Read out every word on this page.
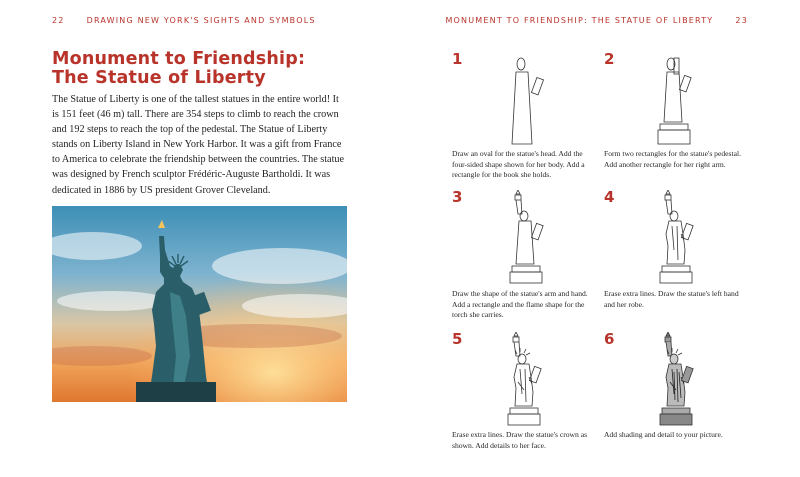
22	DRAWING NEW YORK'S SIGHTS AND SYMBOLS	MONUMENT TO FRIENDSHIP: THE STATUE OF LIBERTY	23
Monument to Friendship:
The Statue of Liberty

The Statue of Liberty is one of the tallest statues in the entire world! It is 151 feet (46 m) tall. There are 354 steps to climb to reach the crown and 192 steps to reach the top of the pedestal. The Statue of Liberty stands on Liberty Island in New York Harbor. It was a gift from France to America to celebrate the friendship between the countries. The statue was designed by French sculptor Frédéric-Auguste Bartholdi. It was dedicated in 1886 by US president Grover Cleveland.

1

Draw an oval for the statue's head. Add the four-sided shape shown for her body. Add a rectangle for the book she holds.

2

Form two rectangles for the statue's pedestal. Add another rectangle for her right arm.

3

Draw the shape of the statue's arm and hand. Add a rectangle and the flame shape for the torch she carries.

4

Erase extra lines. Draw the statue's left hand and her robe.

5

Erase extra lines. Draw the statue's crown as shown. Add details to her face.

6

Add shading and detail to your picture.
